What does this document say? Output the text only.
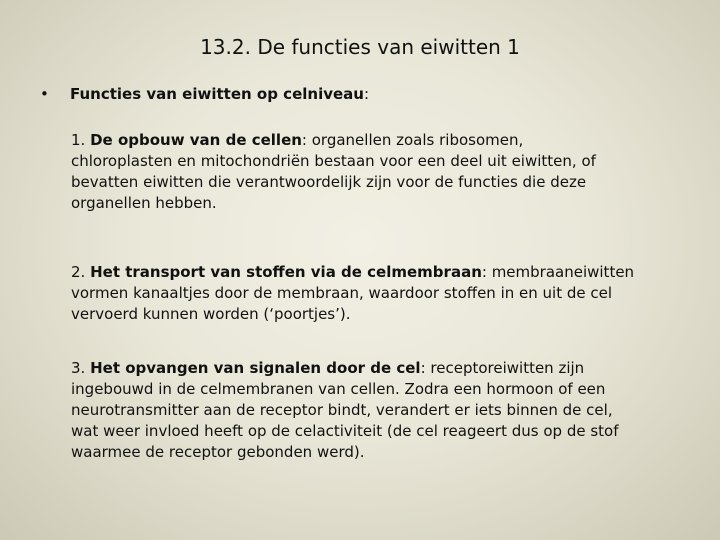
13.2. De functies van eiwitten 1
• Functies van eiwitten op celniveau:
1. De opbouw van de cellen: organellen zoals ribosomen,
chloroplasten en mitochondriën bestaan voor een deel uit eiwitten, of
bevatten eiwitten die verantwoordelijk zijn voor de functies die deze
organellen hebben.
2. Het transport van stoffen via de celmembraan: membraaneiwitten
vormen kanaaltjes door de membraan, waardoor stoffen in en uit de cel
vervoerd kunnen worden (‘poortjes’).
3. Het opvangen van signalen door de cel: receptoreiwitten zijn
ingebouwd in de celmembranen van cellen. Zodra een hormoon of een
neurotransmitter aan de receptor bindt, verandert er iets binnen de cel,
wat weer invloed heeft op de celactiviteit (de cel reageert dus op de stof
waarmee de receptor gebonden werd).
